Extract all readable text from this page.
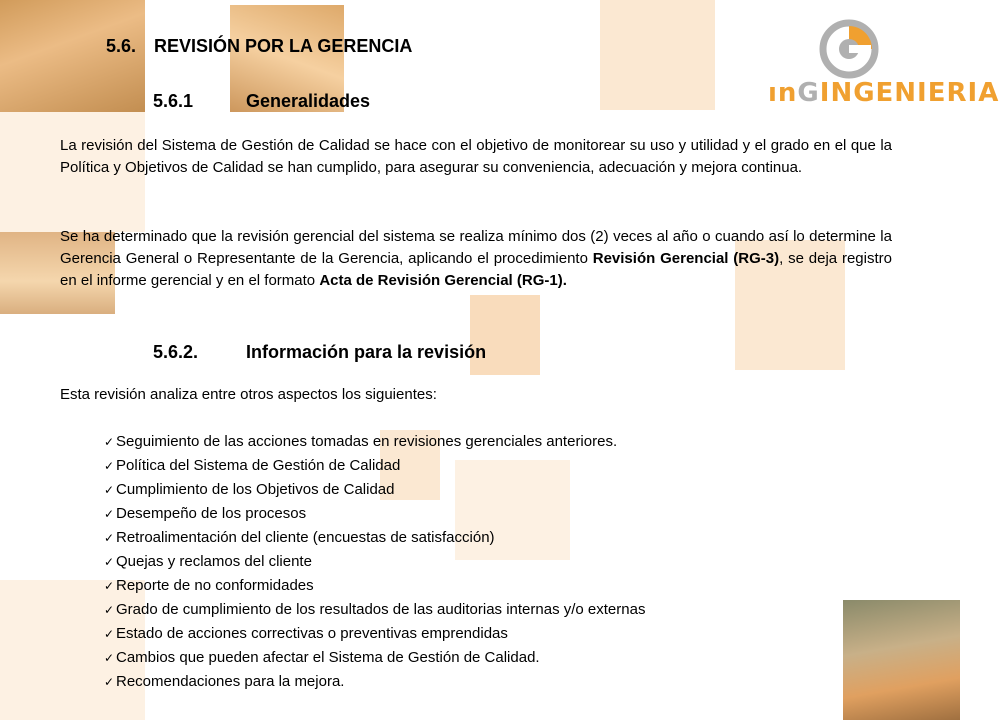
ınGINGENIERIA
5.6. REVISIÓN POR LA GERENCIA
5.6.1	Generalidades
La revisión del Sistema de Gestión de Calidad se hace con el objetivo de monitorear su uso y utilidad y el grado en el que la Política y Objetivos de Calidad se han cumplido, para asegurar su conveniencia, adecuación y mejora continua.
Se ha determinado que la revisión gerencial del sistema se realiza mínimo dos (2) veces al año o cuando así lo determine la Gerencia General o Representante de la Gerencia, aplicando el procedimiento Revisión Gerencial (RG-3), se deja registro en el informe gerencial y en el formato Acta de Revisión Gerencial (RG-1).
5.6.2.	Información para la revisión
Esta revisión analiza entre otros aspectos los siguientes:
✓ Seguimiento de las acciones tomadas en revisiones gerenciales anteriores.
✓ Política del Sistema de Gestión de Calidad
✓ Cumplimiento de los Objetivos de Calidad
✓ Desempeño de los procesos
✓ Retroalimentación del cliente (encuestas de satisfacción)
✓ Quejas y reclamos del cliente
✓ Reporte de no conformidades
✓ Grado de cumplimiento de los resultados de las auditorias internas y/o externas
✓ Estado de acciones correctivas o preventivas emprendidas
✓ Cambios que pueden afectar el Sistema de Gestión de Calidad.
✓ Recomendaciones para la mejora.
